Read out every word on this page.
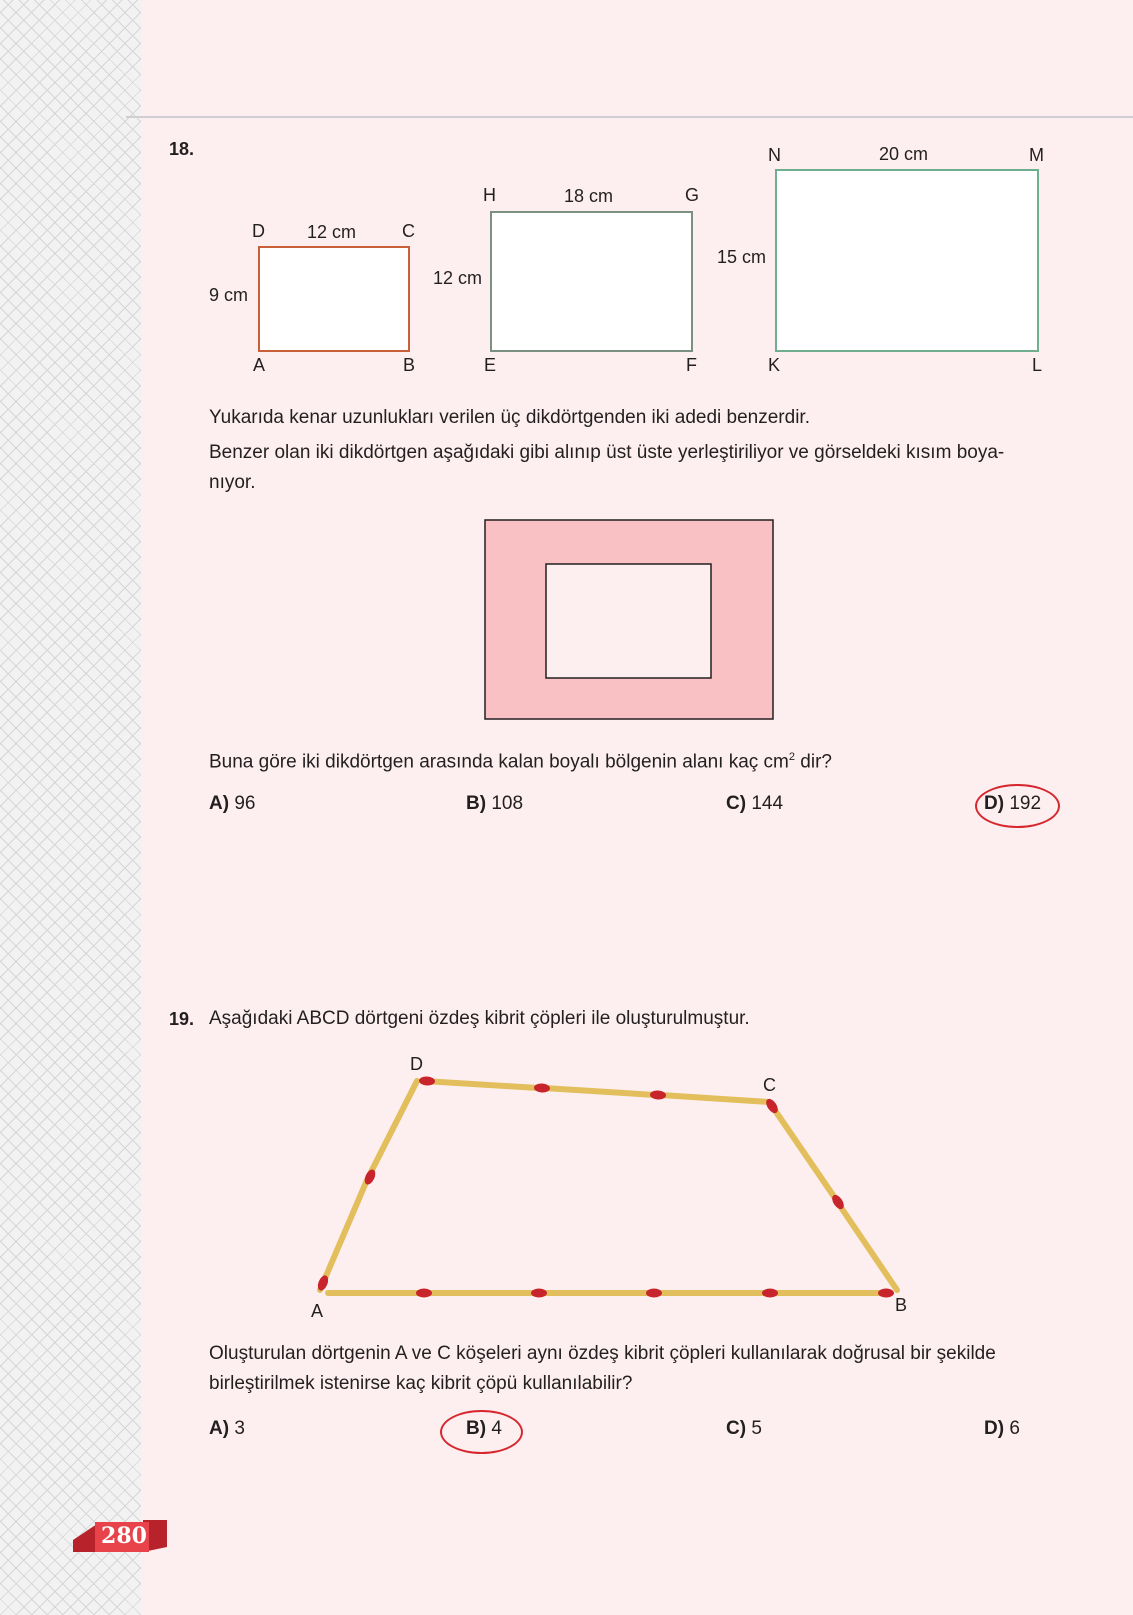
18.
D 12 cm	C
9 cm
A	B
H	18 cm	G
12 cm
E	F
N	20 cm	M
15 cm
K	L
Yukarıda kenar uzunlukları verilen üç dikdörtgenden iki adedi benzerdir.
Benzer olan iki dikdörtgen aşağıdaki gibi alınıp üst üste yerleştiriliyor ve görseldeki kısım boya-
nıyor.
Buna göre iki dikdörtgen arasında kalan boyalı bölgenin alanı kaç $cm^2$ dir?
A) 96	B) 108	C) 144	D) 192
19. Aşağıdaki ABCD dörtgeni özdeş kibrit çöpleri ile oluşturulmuştur.
D
C
A	B
Oluşturulan dörtgenin A ve C köşeleri aynı özdeş kibrit çöpleri kullanılarak doğrusal bir şekilde
birleştirilmek istenirse kaç kibrit çöpü kullanılabilir?
A) 3	B) 4	C) 5	D) 6
280
